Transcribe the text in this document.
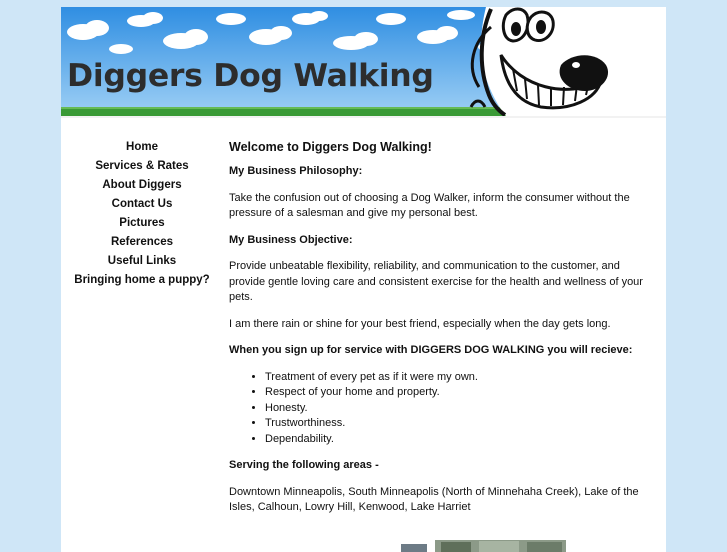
Diggers Dog Walking
Home
Services & Rates
About Diggers
Contact Us
Pictures
References
Useful Links
Bringing home a puppy?
Welcome to Diggers Dog Walking!
My Business Philosophy:

Take the confusion out of choosing a Dog Walker, inform the consumer without the pressure of a salesman and give my personal best.

My Business Objective:

Provide unbeatable flexibility, reliability, and communication to the customer, and provide gentle loving care and consistent exercise for the health and wellness of your pets.

I am there rain or shine for your best friend, especially when the day gets long.

When you sign up for service with DIGGERS DOG WALKING you will recieve:
• Treatment of every pet as if it were my own.
• Respect of your home and property.
• Honesty.
• Trustworthiness.
• Dependability.
Serving the following areas -

Downtown Minneapolis, South Minneapolis (North of Minnehaha Creek), Lake of the Isles, Calhoun, Lowry Hill, Kenwood, Lake Harriet
